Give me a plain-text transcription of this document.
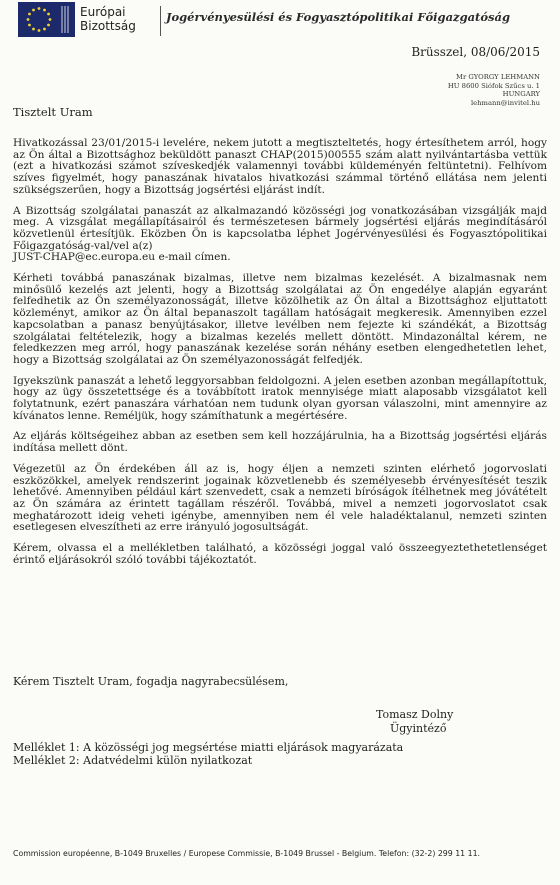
Európai
Bizottság
Jogérvényesülési és Fogyasztópolitikai Főigazgatóság
Brüsszel, 08/06/2015
Mr GYORGY LEHMANN
HU 8600 Siófok Szűcs u. 1
HUNGARY
lehmann@invitel.hu
Tisztelt Uram

Hivatkozással 23/01/2015-i levelére, nekem jutott a megtiszteltetés, hogy értesíthetem arról, hogy az Ön által a Bizottsághoz beküldött panaszt CHAP(2015)00555 szám alatt nyilvántartásba vettük (ezt a hivatkozási számot szíveskedjék valamennyi további küldeményén feltüntetni). Felhívom szíves figyelmét, hogy panaszának hivatalos hivatkozási számmal történő ellátása nem jelenti szükségszerűen, hogy a Bizottság jogsértési eljárást indít.

A Bizottság szolgálatai panaszát az alkalmazandó közösségi jog vonatkozásában vizsgálják majd meg. A vizsgálat megállapításairól és természetesen bármely jogsértési eljárás megindításáról közvetlenül értesítjük. Eközben Ön is kapcsolatba léphet Jogérvényesülési és Fogyasztópolitikai Főigazgatóság-val/vel a(z)
JUST-CHAP@ec.europa.eu e-mail címen.

Kérheti továbbá panaszának bizalmas, illetve nem bizalmas kezelését. A bizalmasnak nem minősülő kezelés azt jelenti, hogy a Bizottság szolgálatai az Ön engedélye alapján egyaránt felfedhetik az Ön személyazonosságát, illetve közölhetik az Ön által a Bizottsághoz eljuttatott közleményt, amikor az Ön által bepanaszolt tagállam hatóságait megkeresik. Amennyiben ezzel kapcsolatban a panasz benyújtásakor, illetve levélben nem fejezte ki szándékát, a Bizottság szolgálatai feltételezik, hogy a bizalmas kezelés mellett döntött. Mindazonáltal kérem, ne feledkezzen meg arról, hogy panaszának kezelése során néhány esetben elengedhetetlen lehet, hogy a Bizottság szolgálatai az Ön személyazonosságát felfedjék.

Igyekszünk panaszát a lehető leggyorsabban feldolgozni. A jelen esetben azonban megállapítottuk, hogy az ügy összetettsége és a továbbított iratok mennyisége miatt alaposabb vizsgálatot kell folytatnunk, ezért panaszára várhatóan nem tudunk olyan gyorsan válaszolni, mint amennyire az kívánatos lenne. Reméljük, hogy számíthatunk a megértésére.

Az eljárás költségeihez abban az esetben sem kell hozzájárulnia, ha a Bizottság jogsértési eljárás indítása mellett dönt.

Végezetül az Ön érdekében áll az is, hogy éljen a nemzeti szinten elérhető jogorvoslati eszközökkel, amelyek rendszerint jogainak közvetlenebb és személyesebb érvényesítését teszik lehetővé. Amennyiben például kárt szenvedett, csak a nemzeti bíróságok ítélhetnek meg jóvátételt az Ön számára az érintett tagállam részéről. Továbbá, mivel a nemzeti jogorvoslatot csak meghatározott ideig veheti igénybe, amennyiben nem él vele haladéktalanul, nemzeti szinten esetlegesen elveszítheti az erre irányuló jogosultságát.

Kérem, olvassa el a mellékletben található, a közösségi joggal való összeegyeztethetetlenséget érintő eljárásokról szóló további tájékoztatót.

Kérem Tisztelt Uram, fogadja nagyrabecsülésem,
Tomasz Dolny
Ügyintéző
Melléklet 1: A közösségi jog megsértése miatti eljárások magyarázata
Melléklet 2: Adatvédelmi külön nyilatkozat
Commission européenne, B-1049 Bruxelles / Europese Commissie, B-1049 Brussel - Belgium. Telefon: (32-2) 299 11 11.
